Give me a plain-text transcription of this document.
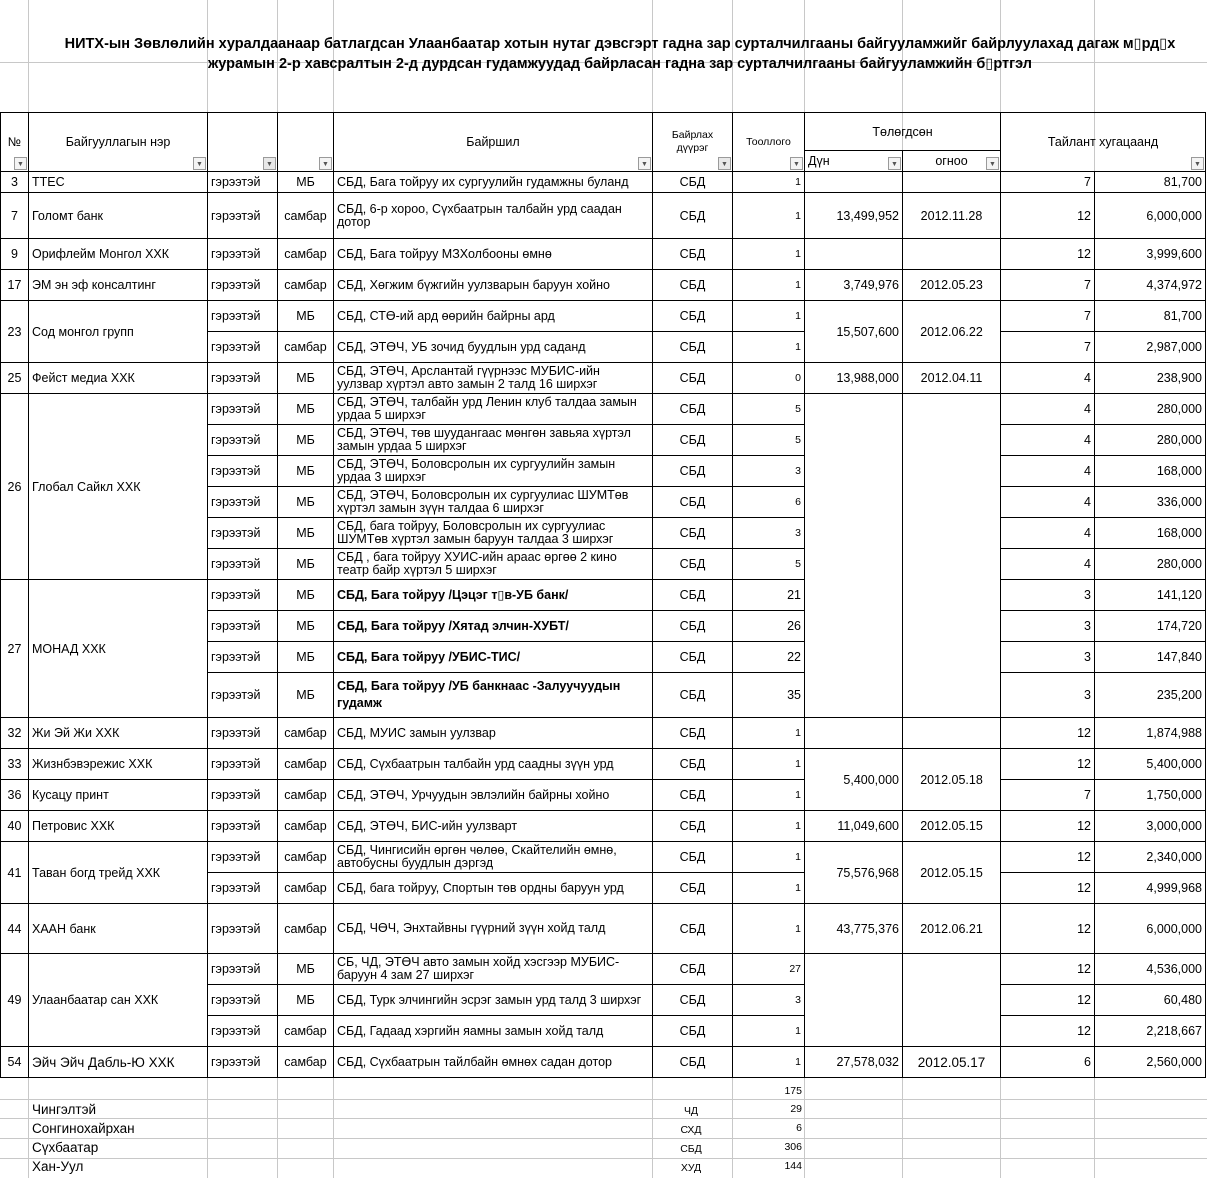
НИТХ-ын Зөвлөлийн хуралдаанаар батлагдсан Улаанбаатар хотын нутаг дэвсгэрт гадна зар сурталчилгааны байгууламжийг байрлуулахад дагаж м▯рд▯х
журамын 2-р хавсралтын 2-д дурдсан гудамжуудад байрласан гадна зар сурталчилгааны байгууламжийн б▯ртгэл
№
▼	Байгууллагын нэр
▼	▼	▼	Байршил
▼	Байрлах дүүрэг
▼	Тооллого
▼	Төлөгдсөн		Тайлант хугацаанд
▼	

							Дүн ▼	огноо ▼		

3	ТТЕС	гэрээтэй	МБ	СБД, Бага тойруу их сургуулийн гудамжны буланд	СБД	1			7	81,700
7	Голомт банк	гэрээтэй	самбар	СБД, 6-р хороо, Сүхбаатрын талбайн урд саадан дотор	СБД	1	13,499,952	2012.11.28	12	6,000,000
9	Орифлейм Монгол ХХК	гэрээтэй	самбар	СБД, Бага тойруу МЗХолбооны өмнө	СБД	1			12	3,999,600
17	ЭМ эн эф консалтинг	гэрээтэй	самбар	СБД, Хөгжим бүжгийн уулзварын баруун хойно	СБД	1	3,749,976	2012.05.23	7	4,374,972
23	Сод монгол групп	гэрээтэй	МБ	СБД, СТӨ-ий ард өөрийн байрны ард	СБД	1	15,507,600	2012.06.22	7	81,700
		гэрээтэй	самбар	СБД, ЭТӨЧ, УБ зочид буудлын урд саданд	СБД	1			7	2,987,000
25	Фейст медиа ХХК	гэрээтэй	МБ	СБД, ЭТӨЧ, Арслантай гүүрнээс МУБИС-ийн уулзвар хүртэл авто замын 2 талд 16 ширхэг	СБД	0	13,988,000	2012.04.11	4	238,900
26	Глобал Сайкл ХХК	гэрээтэй	МБ	СБД, ЭТӨЧ, талбайн урд Ленин клуб талдаа замын урдаа 5 ширхэг	СБД	5			4	280,000
		гэрээтэй	МБ	СБД, ЭТӨЧ, төв шуудангаас мөнгөн завьяа хүртэл замын урдаа 5 ширхэг	СБД	5			4	280,000
		гэрээтэй	МБ	СБД, ЭТӨЧ, Боловсролын их сургуулийн замын урдаа 3 ширхэг	СБД	3			4	168,000
		гэрээтэй	МБ	СБД, ЭТӨЧ, Боловсролын их сургуулиас ШУМТөв хүртэл замын зүүн талдаа 6 ширхэг	СБД	6			4	336,000
		гэрээтэй	МБ	СБД, бага тойруу, Боловсролын их сургуулиас ШУМТөв хүртэл замын баруун талдаа 3 ширхэг	СБД	3			4	168,000
		гэрээтэй	МБ	СБД , бага тойруу ХУИС-ийн араас өргөө 2 кино театр байр хүртэл 5 ширхэг	СБД	5			4	280,000
27	МОНАД ХХК	гэрээтэй	МБ	СБД, Бага тойруу /Цэцэг т▯в-УБ банк/	СБД	21			3	141,120
		гэрээтэй	МБ	СБД, Бага тойруу /Хятад элчин-ХУБТ/	СБД	26			3	174,720
		гэрээтэй	МБ	СБД, Бага тойруу /УБИС-ТИС/	СБД	22			3	147,840
		гэрээтэй	МБ	СБД, Бага тойруу /УБ банкнаас -Залуучуудын гудамж	СБД	35			3	235,200
32	Жи Эй Жи ХХК	гэрээтэй	самбар	СБД, МУИС замын уулзвар	СБД	1			12	1,874,988
33	Жизнбэвэрежис ХХК	гэрээтэй	самбар	СБД, Сүхбаатрын талбайн урд саадны зүүн урд	СБД	1	5,400,000	2012.05.18	12	5,400,000
36	Кусацу принт	гэрээтэй	самбар	СБД, ЭТӨЧ, Урчуудын эвлэлийн байрны хойно	СБД	1			7	1,750,000
40	Петровис ХХК	гэрээтэй	самбар	СБД, ЭТӨЧ, БИС-ийн уулзварт	СБД	1	11,049,600	2012.05.15	12	3,000,000
41	Таван богд трейд ХХК	гэрээтэй	самбар	СБД, Чингисийн өргөн чөлөө, Скайтелийн өмнө, автобусны буудлын дэргэд	СБД	1	75,576,968	2012.05.15	12	2,340,000
		гэрээтэй	самбар	СБД, бага тойруу, Спортын төв ордны баруун урд	СБД	1			12	4,999,968
44	ХААН банк	гэрээтэй	самбар	СБД, ЧӨЧ, Энхтайвны гүүрний зүүн хойд талд	СБД	1	43,775,376	2012.06.21	12	6,000,000
49	Улаанбаатар сан ХХК	гэрээтэй	МБ	СБ, ЧД, ЭТӨЧ авто замын хойд хэсгээр МУБИС-баруун 4 зам 27 ширхэг	СБД	27			12	4,536,000
		гэрээтэй	МБ	СБД, Турк элчингийн эсрэг замын урд талд 3 ширхэг	СБД	3			12	60,480
		гэрээтэй	самбар	СБД, Гадаад хэргийн яамны замын хойд талд	СБД	1			12	2,218,667
54	Эйч Эйч Дабль-Ю ХХК	гэрээтэй	самбар	СБД, Сүхбаатрын тайлбайн өмнөх садан дотор	СБД	1	27,578,032	2012.05.17	6	2,560,000
175
Чингэлтэй	ЧД	29
Сонгинохайрхан	СХД	6
Сүхбаатар	СБД	306
Хан-Уул	ХУД	144
